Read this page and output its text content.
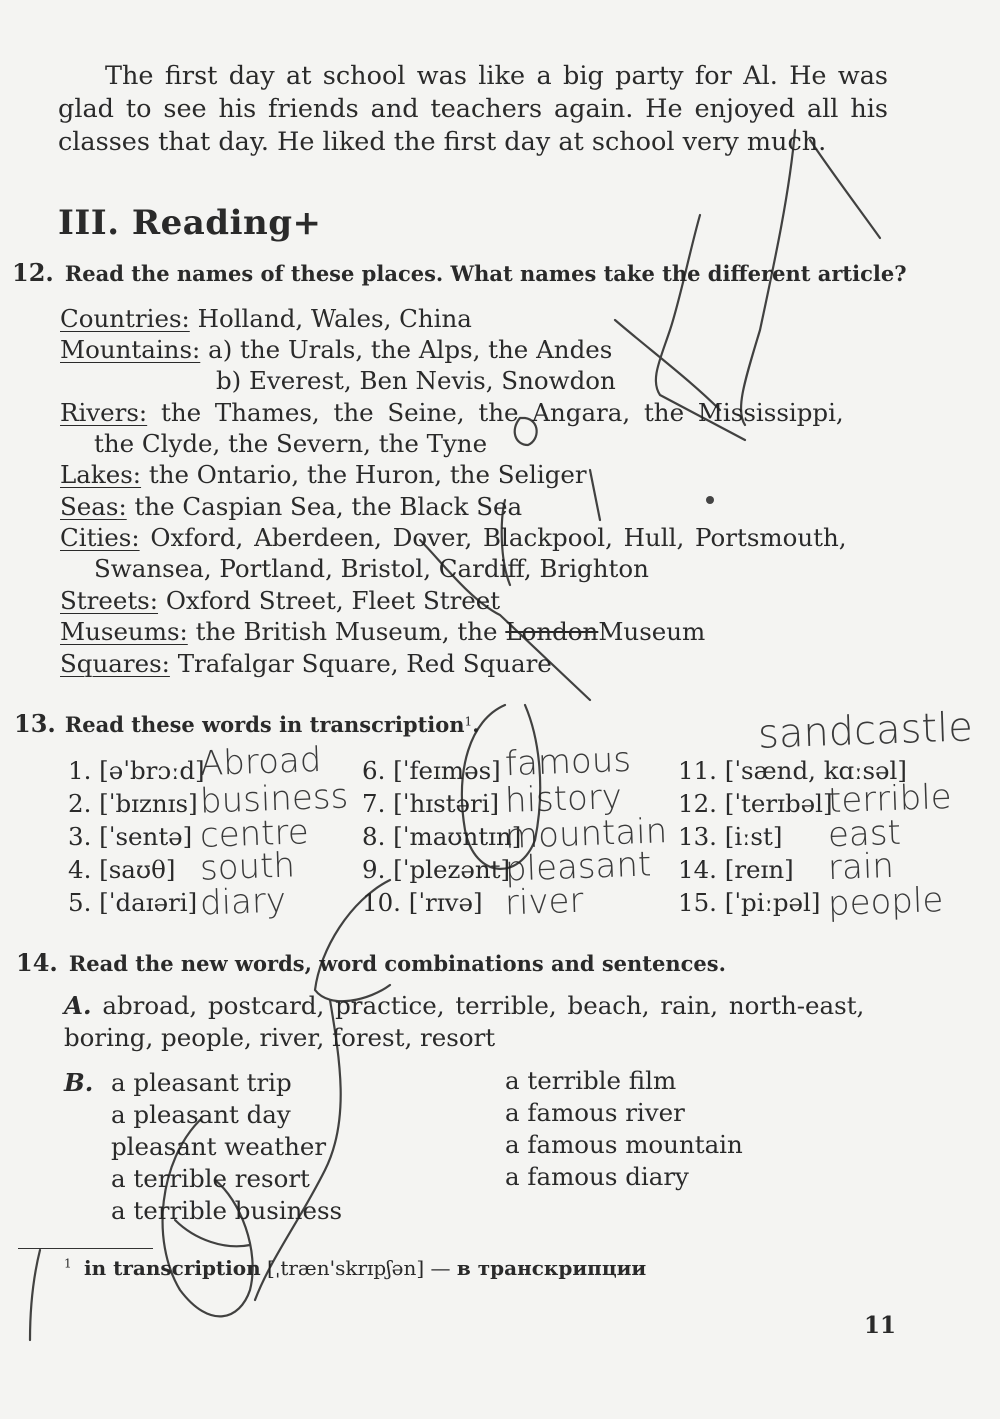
The first day at school was like a big party for Al. He was glad to see his friends and teachers again. He enjoyed all his classes that day. He liked the first day at school very much.

III. Reading+
12. Read the names of these places. What names take the different article?
Countries: Holland, Wales, China
Mountains: a) the Urals, the Alps, the Andes
b) Everest, Ben Nevis, Snowdon
Rivers: the Thames, the Seine, the Angara, the Mississippi,
the Clyde, the Severn, the Tyne
Lakes: the Ontario, the Huron, the Seliger
Seas: the Caspian Sea, the Black Sea
Cities: Oxford, Aberdeen, Dover, Blackpool, Hull, Portsmouth,
Swansea, Portland, Bristol, Cardiff, Brighton
Streets: Oxford Street, Fleet Street
Museums: the British Museum, the LondonMuseum
Squares: Trafalgar Square, Red Square
13. Read these words in transcription$^1$.
1. [əˈbrɔːd]
Abroad
2. [ˈbɪznɪs] business
3. [ˈsentə] centre
4. [saʊθ] south
5. [ˈdaɪəri] diary
6. [ˈfeɪməs] famous
7. [ˈhɪstəri] history
8. [ˈmaʊntɪn]
mountain
9. [ˈplezənt]
pleasant
10. [ˈrɪvə] river
11. [ˈsænd, kɑːsəl]
sandcastle
12. [ˈterɪbəl]
terrible
13. [iːst] east
14. [reɪn] rain
15. [ˈpiːpəl] people
14. Read the new words, word combinations and sentences.
A. abroad, postcard, practice, terrible, beach, rain, north-east,
boring, people, river, forest, resort
B. a pleasant trip
a pleasant day
pleasant weather
a terrible resort
a terrible business
a terrible film
a famous river
a famous mountain
a famous diary
$^1$ in transcription [ˌtræn'skrɪpʃən] — в транскрипции
11
